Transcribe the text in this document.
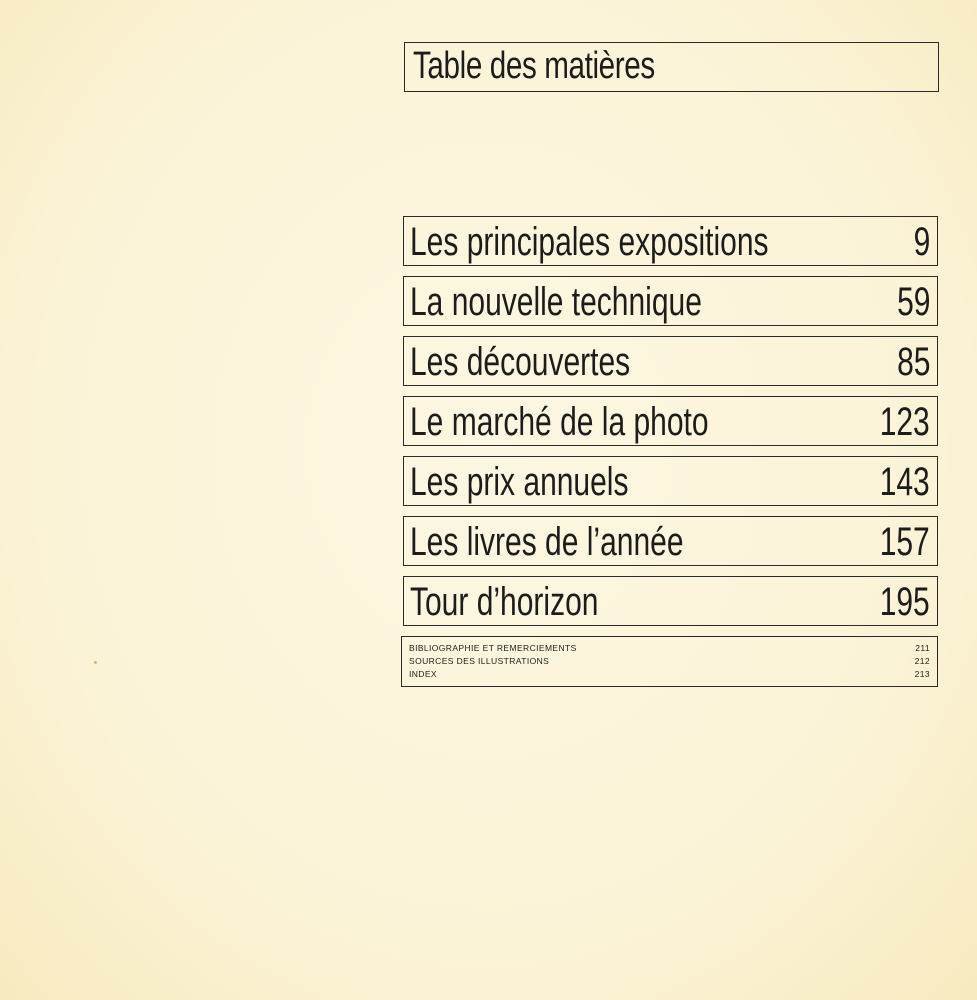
Table des matières
Les principales expositions	9
La nouvelle technique	59
Les découvertes	85
Le marché de la photo	123
Les prix annuels	143
Les livres de l’année	157
Tour d’horizon	195
BIBLIOGRAPHIE ET REMERCIEMENTS	211
SOURCES DES ILLUSTRATIONS	212
INDEX	213
